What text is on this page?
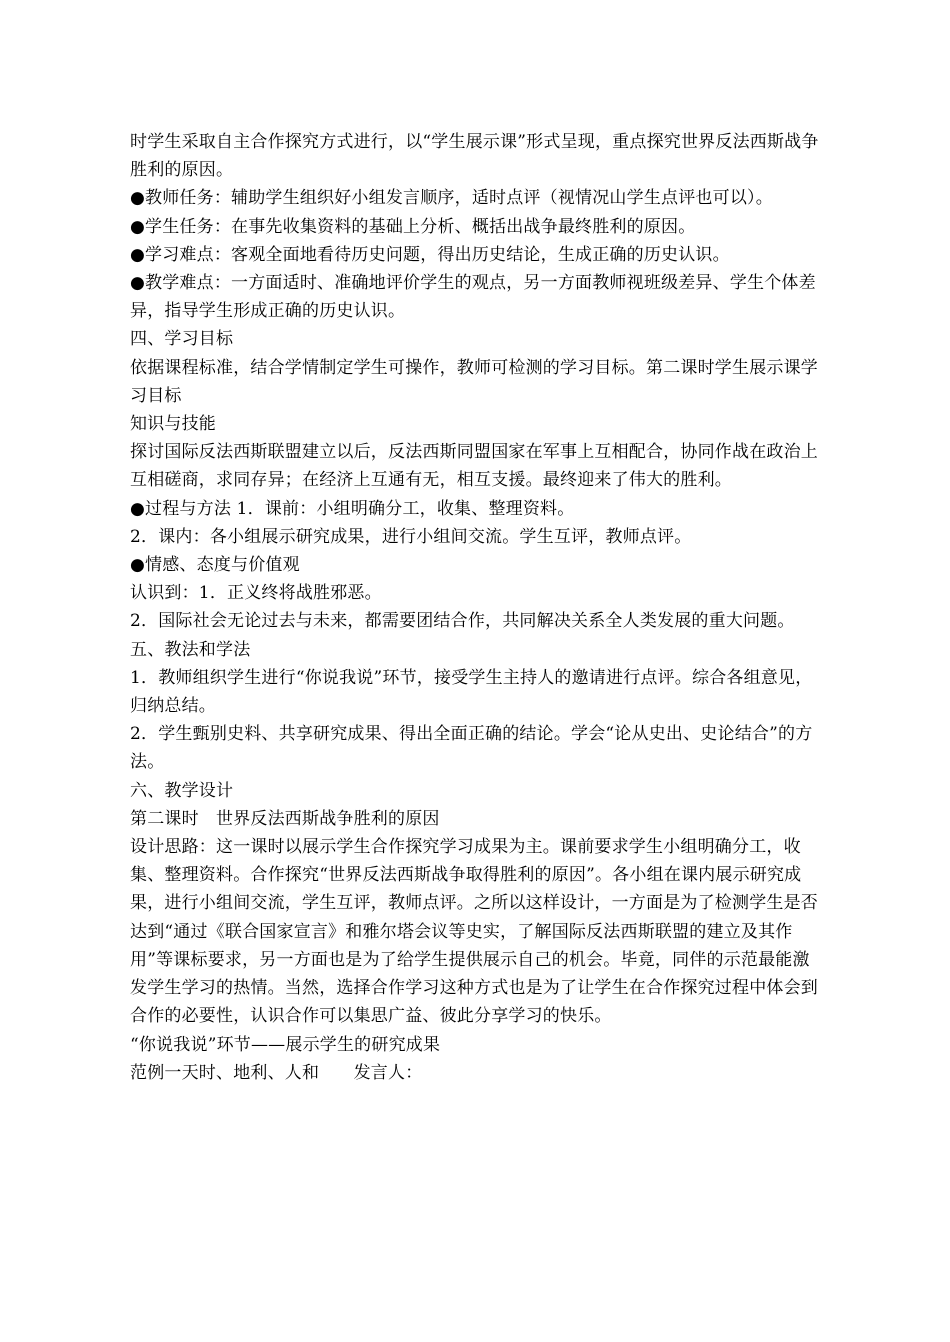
时学生采取自主合作探究方式进行，以“学生展示课”形式呈现，重点探究世界反法西斯战争胜利的原因。

●教师任务：辅助学生组织好小组发言顺序，适时点评（视情况山学生点评也可以）。

●学生任务：在事先收集资料的基础上分析、概括出战争最终胜利的原因。

●学习难点：客观全面地看待历史问题，得出历史结论，生成正确的历史认识。

●教学难点：一方面适时、准确地评价学生的观点，另一方面教师视班级差异、学生个体差异，指导学生形成正确的历史认识。

四、学习目标

依据课程标准，结合学情制定学生可操作，教师可检测的学习目标。第二课时学生展示课学习目标

知识与技能

探讨国际反法西斯联盟建立以后，反法西斯同盟国家在军事上互相配合，协同作战在政治上互相磋商，求同存异；在经济上互通有无，相互支援。最终迎来了伟大的胜利。

●过程与方法 1．课前：小组明确分工，收集、整理资料。

2．课内：各小组展示研究成果，进行小组间交流。学生互评，教师点评。

●情感、态度与价值观

认识到：1．正义终将战胜邪恶。

2．国际社会无论过去与未来，都需要团结合作，共同解决关系全人类发展的重大问题。

五、教法和学法

1．教师组织学生进行“你说我说”环节，接受学生主持人的邀请进行点评。综合各组意见，归纳总结。

2．学生甄别史料、共享研究成果、得出全面正确的结论。学会“论从史出、史论结合”的方法。

六、教学设计

第二课时　世界反法西斯战争胜利的原因

设计思路：这一课时以展示学生合作探究学习成果为主。课前要求学生小组明确分工，收集、整理资料。合作探究“世界反法西斯战争取得胜利的原因”。各小组在课内展示研究成果，进行小组间交流，学生互评，教师点评。之所以这样设计，一方面是为了检测学生是否达到“通过《联合国家宣言》和雅尔塔会议等史实，了解国际反法西斯联盟的建立及其作用”等课标要求，另一方面也是为了给学生提供展示自己的机会。毕竟，同伴的示范最能激发学生学习的热情。当然，选择合作学习这种方式也是为了让学生在合作探究过程中体会到合作的必要性，认识合作可以集思广益、彼此分享学习的快乐。

“你说我说”环节——展示学生的研究成果

范例一天时、地利、人和　　发言人：
